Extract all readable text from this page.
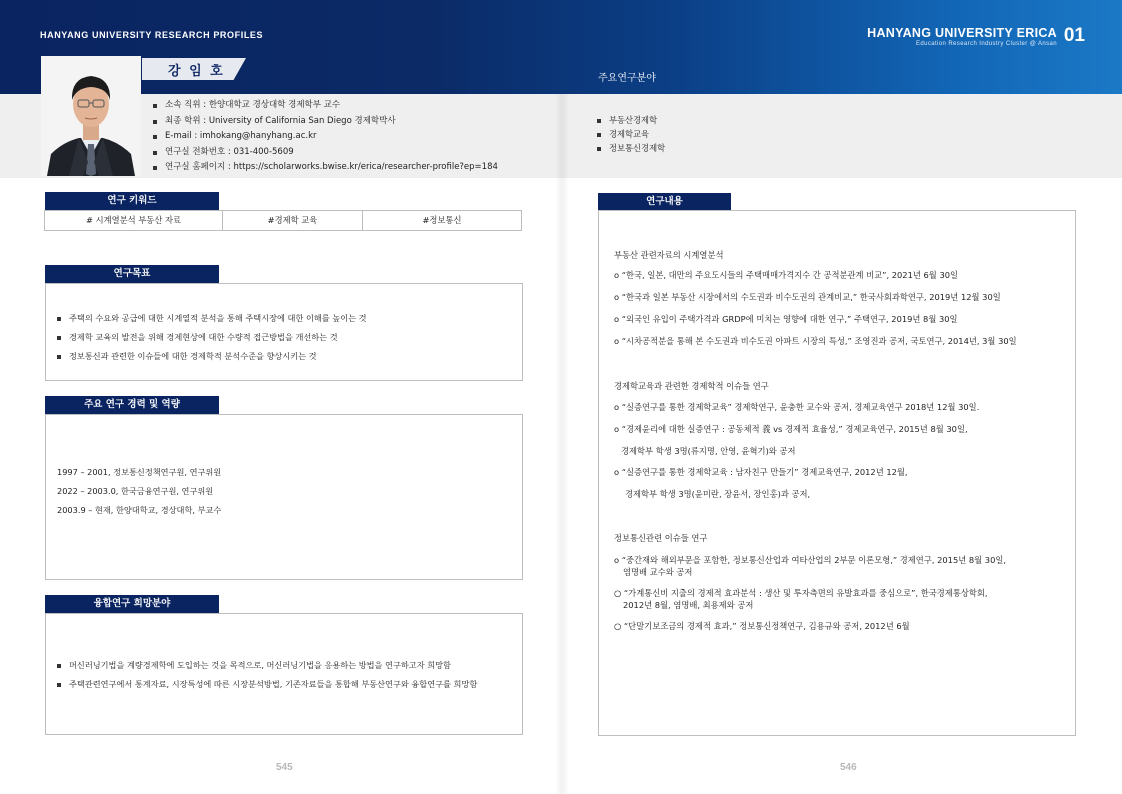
HANYANG UNIVERSITY RESEARCH PROFILES	HANYANG UNIVERSITY ERICA
Education Research Industry Cluster @ Ansan 01
주요연구분야
강 임 호
소속 직위 : 한양대학교 경상대학 경제학부 교수
최종 학위 : University of California San Diego 경제학박사
E-mail : imhokang@hanyhang.ac.kr
연구실 전화번호 : 031-400-5609
연구실 홈페이지 : https://scholarworks.bwise.kr/erica/researcher-profile?ep=184
부동산경제학
경제학교육
정보통신경제학
연구 키워드
# 시계열분석 부동산 자료	#경제학 교육	#정보통신
연구목표
주택의 수요와 공급에 대한 시계열적 분석을 통해 주택시장에 대한 이해를 높이는 것
경제학 교육의 발전을 위해 경제현상에 대한 수량적 접근방법을 개선하는 것
정보통신과 관련한 이슈들에 대한 경제학적 분석수준을 향상시키는 것
주요 연구 경력 및 역량
1997 – 2001, 정보통신정책연구원, 연구위원
2022 – 2003.0, 한국금융연구원, 연구위원
2003.9 – 현재, 한양대학교, 경상대학, 부교수
융합연구 희망분야
머신러닝기법을 계량경제학에 도입하는 것을 목적으로, 머신러닝기법을 응용하는 방법을 연구하고자 희망함
주택관련연구에서 통계자료, 시장특성에 따른 시장분석방법, 기존자료들을 통합해 부동산연구와 융합연구를 희망함
연구내용
부동산 관련자료의 시계열분석
o “한국, 일본, 대만의 주요도시들의 주택매매가격지수 간 공적분관계 비교”, 2021년 6월 30일
o “한국과 일본 부동산 시장에서의 수도권과 비수도권의 관계비교,” 한국사회과학연구, 2019년 12월 30일
o “외국인 유입이 주택가격과 GRDP에 미치는 영향에 대한 연구,” 주택연구, 2019년 8월 30일
o “시차공적분을 통해 본 수도권과 비수도권 아파트 시장의 특성,” 조영진과 공저, 국토연구, 2014년, 3월 30일
경제학교육과 관련한 경제학적 이슈들 연구
o “실증연구를 통한 경제학교육” 경제학연구, 윤충한 교수와 공저, 경제교육연구 2018년 12월 30일.
o “경제윤리에 대한 실증연구 : 공동체적 義 vs 경제적 효율성,” 경제교육연구, 2015년 8월 30일,
경제학부 학생 3명(류지명, 안영, 윤혁기)와 공저
o “실증연구를 통한 경제학교육 : 남자친구 만들기” 경제교육연구, 2012년 12월,
경제학부 학생 3명(윤미란, 장윤서, 장인홍)과 공저,
정보통신관련 이슈들 연구
o “중간재와 해외부문을 포함한, 정보통신산업과 여타산업의 2부문 이론모형,” 경제연구, 2015년 8월 30일,
염명배 교수와 공저
○ “가계통신비 지출의 경제적 효과분석 : 생산 및 투자측면의 유발효과를 중심으로”, 한국경제통상학회,
2012년 8월, 염명배, 최용제와 공저
○ “단말기보조금의 경제적 효과,” 정보통신정책연구, 김용규와 공저, 2012년 6월
545	546
